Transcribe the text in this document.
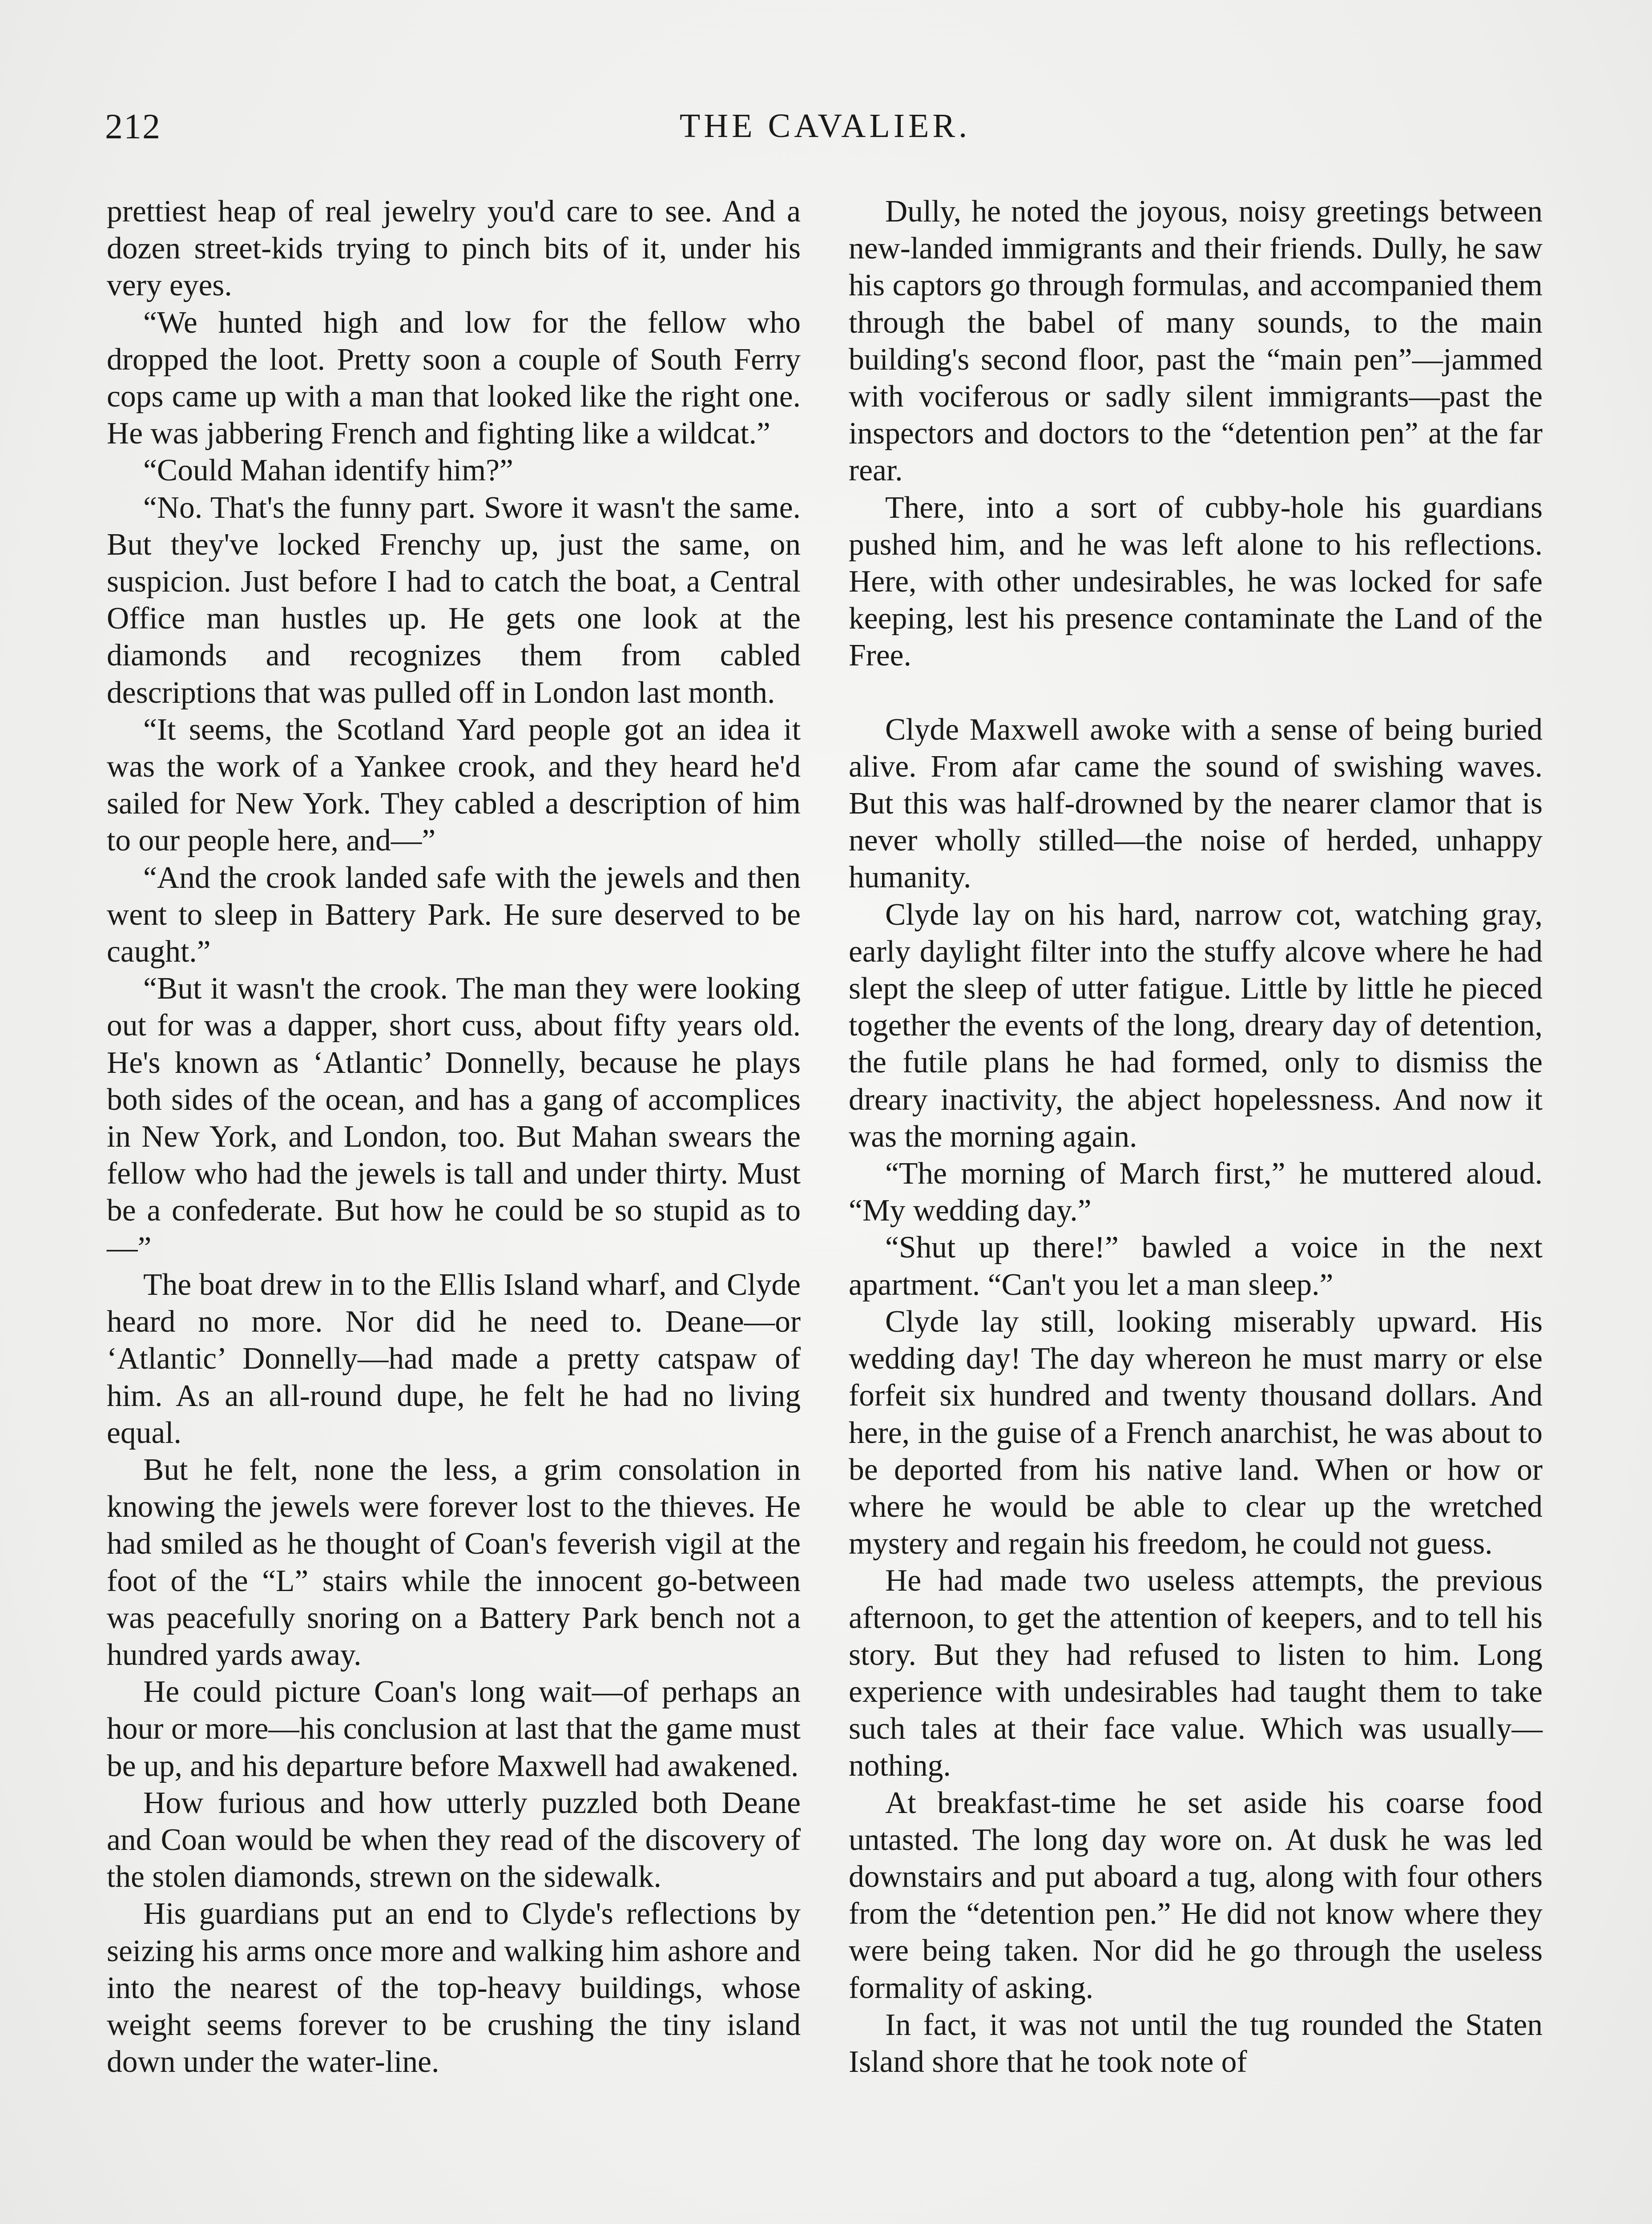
212	THE CAVALIER.

prettiest heap of real jewelry you'd care to see. And a dozen street-kids trying to pinch bits of it, under his very eyes.

“We hunted high and low for the fellow who dropped the loot. Pretty soon a couple of South Ferry cops came up with a man that looked like the right one. He was jabbering French and fighting like a wildcat.”

“Could Mahan identify him?”

“No. That's the funny part. Swore it wasn't the same. But they've locked Frenchy up, just the same, on suspicion. Just before I had to catch the boat, a Central Office man hustles up. He gets one look at the diamonds and recognizes them from cabled descriptions that was pulled off in London last month.

“It seems, the Scotland Yard people got an idea it was the work of a Yankee crook, and they heard he'd sailed for New York. They cabled a description of him to our people here, and—”

“And the crook landed safe with the jewels and then went to sleep in Battery Park. He sure deserved to be caught.”

“But it wasn't the crook. The man they were looking out for was a dapper, short cuss, about fifty years old. He's known as ‘Atlantic’ Donnelly, because he plays both sides of the ocean, and has a gang of accomplices in New York, and London, too. But Mahan swears the fellow who had the jewels is tall and under thirty. Must be a confederate. But how he could be so stupid as to—”

The boat drew in to the Ellis Island wharf, and Clyde heard no more. Nor did he need to. Deane—or ‘Atlantic’ Donnelly—had made a pretty catspaw of him. As an all-round dupe, he felt he had no living equal.

But he felt, none the less, a grim consolation in knowing the jewels were forever lost to the thieves. He had smiled as he thought of Coan's feverish vigil at the foot of the “L” stairs while the innocent go-between was peacefully snoring on a Battery Park bench not a hundred yards away.

He could picture Coan's long wait—of perhaps an hour or more—his conclusion at last that the game must be up, and his departure before Maxwell had awakened.

How furious and how utterly puzzled both Deane and Coan would be when they read of the discovery of the stolen diamonds, strewn on the sidewalk.

His guardians put an end to Clyde's reflections by seizing his arms once more and walking him ashore and into the nearest of the top-heavy buildings, whose weight seems forever to be crushing the tiny island down under the water-line.

Dully, he noted the joyous, noisy greetings between new-landed immigrants and their friends. Dully, he saw his captors go through formulas, and accompanied them through the babel of many sounds, to the main building's second floor, past the “main pen”—jammed with vociferous or sadly silent immigrants—past the inspectors and doctors to the “detention pen” at the far rear.

There, into a sort of cubby-hole his guardians pushed him, and he was left alone to his reflections. Here, with other undesirables, he was locked for safe keeping, lest his presence contaminate the Land of the Free.

Clyde Maxwell awoke with a sense of being buried alive. From afar came the sound of swishing waves. But this was half-drowned by the nearer clamor that is never wholly stilled—the noise of herded, unhappy humanity.

Clyde lay on his hard, narrow cot, watching gray, early daylight filter into the stuffy alcove where he had slept the sleep of utter fatigue. Little by little he pieced together the events of the long, dreary day of detention, the futile plans he had formed, only to dismiss the dreary inactivity, the abject hopelessness. And now it was the morning again.

“The morning of March first,” he muttered aloud. “My wedding day.”

“Shut up there!” bawled a voice in the next apartment. “Can't you let a man sleep.”

Clyde lay still, looking miserably upward. His wedding day! The day whereon he must marry or else forfeit six hundred and twenty thousand dollars. And here, in the guise of a French anarchist, he was about to be deported from his native land. When or how or where he would be able to clear up the wretched mystery and regain his freedom, he could not guess.

He had made two useless attempts, the previous afternoon, to get the attention of keepers, and to tell his story. But they had refused to listen to him. Long experience with undesirables had taught them to take such tales at their face value. Which was usually—nothing.

At breakfast-time he set aside his coarse food untasted. The long day wore on. At dusk he was led downstairs and put aboard a tug, along with four others from the “detention pen.” He did not know where they were being taken. Nor did he go through the useless formality of asking.

In fact, it was not until the tug rounded the Staten Island shore that he took note of
